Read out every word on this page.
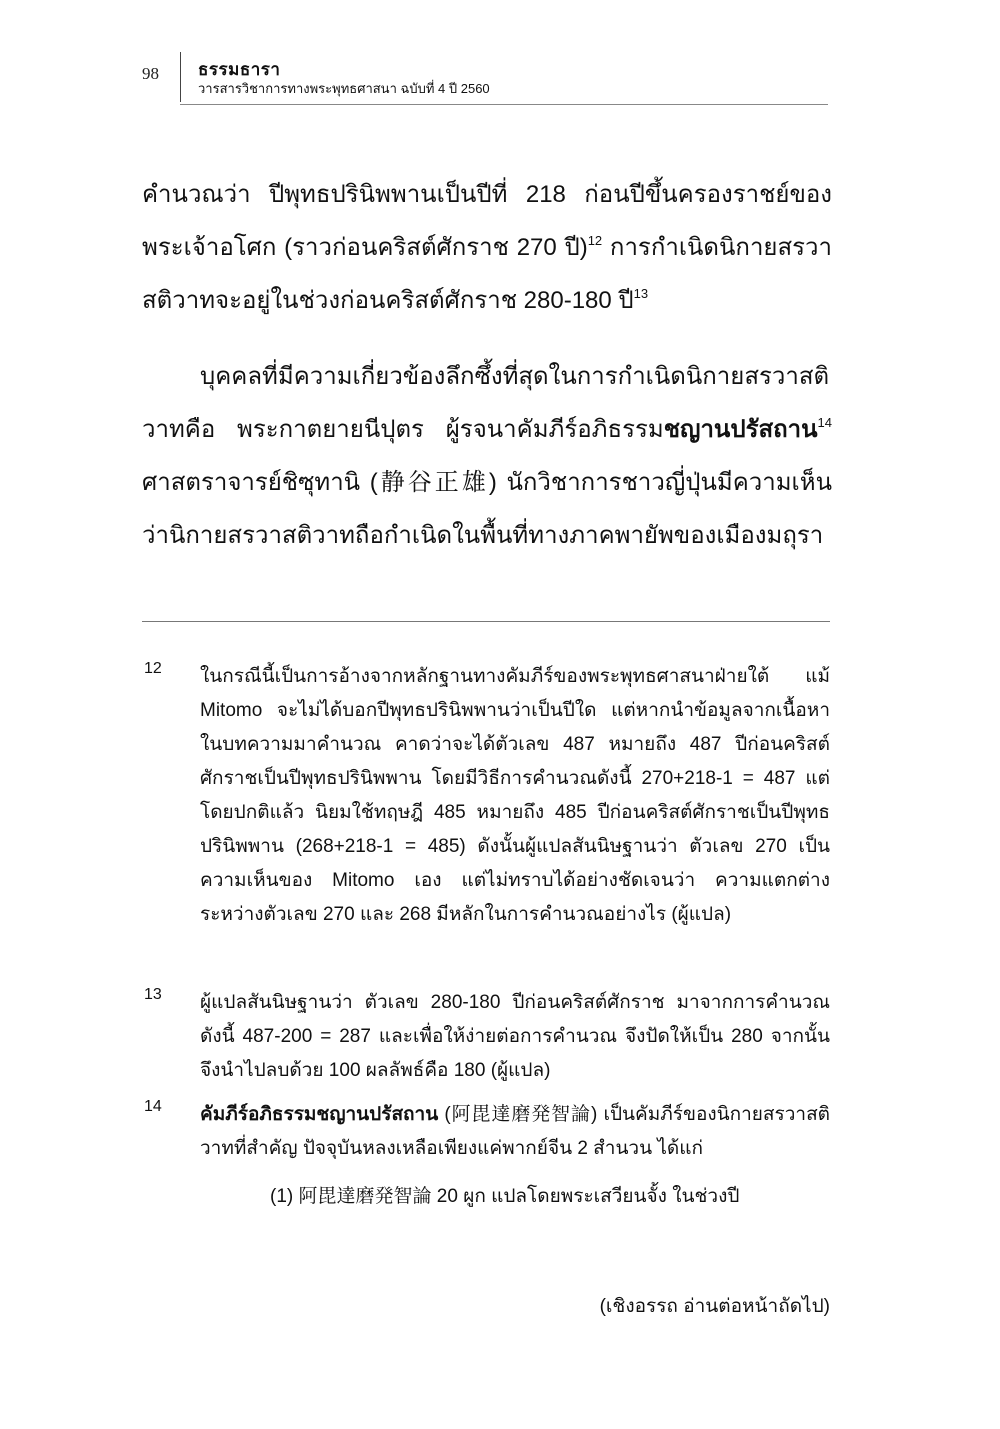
98 ธรรมธารา
วารสารวิชาการทางพระพุทธศาสนา ฉบับที่ 4 ปี 2560

คำนวณว่า ปีพุทธปรินิพพานเป็นปีที่ 218 ก่อนปีขึ้นครองราชย์ของพระเจ้าอโศก (ราวก่อนคริสต์ศักราช 270 ปี)$^{12}$ การกำเนิดนิกายสรวาสติวาทจะอยู่ในช่วงก่อนคริสต์ศักราช 280-180 ปี$^{13}$

บุคคลที่มีความเกี่ยวข้องลึกซึ้งที่สุดในการกำเนิดนิกายสรวาสติวาทคือ พระกาตยายนีปุตร ผู้รจนาคัมภีร์อภิธรรมชญานปรัสถาน$^{14}$ ศาสตราจารย์ชิซุทานิ (静谷正雄) นักวิชาการชาวญี่ปุ่นมีความเห็นว่านิกายสรวาสติวาทถือกำเนิดในพื้นที่ทางภาคพายัพของเมืองมถุรา

12 ในกรณีนี้เป็นการอ้างจากหลักฐานทางคัมภีร์ของพระพุทธศาสนาฝ่ายใต้ แม้ Mitomo จะไม่ได้บอกปีพุทธปรินิพพานว่าเป็นปีใด แต่หากนำข้อมูลจากเนื้อหาในบทความมาคำนวณ คาดว่าจะได้ตัวเลข 487 หมายถึง 487 ปีก่อนคริสต์ศักราชเป็นปีพุทธปรินิพพาน โดยมีวิธีการคำนวณดังนี้ 270+218-1 = 487 แต่โดยปกติแล้ว นิยมใช้ทฤษฎี 485 หมายถึง 485 ปีก่อนคริสต์ศักราชเป็นปีพุทธปรินิพพาน (268+218-1 = 485) ดังนั้นผู้แปลสันนิษฐานว่า ตัวเลข 270 เป็นความเห็นของ Mitomo เอง แต่ไม่ทราบได้อย่างชัดเจนว่า ความแตกต่างระหว่างตัวเลข 270 และ 268 มีหลักในการคำนวณอย่างไร (ผู้แปล)

13 ผู้แปลสันนิษฐานว่า ตัวเลข 280-180 ปีก่อนคริสต์ศักราช มาจากการคำนวณดังนี้ 487-200 = 287 และเพื่อให้ง่ายต่อการคำนวณ จึงปัดให้เป็น 280 จากนั้นจึงนำไปลบด้วย 100 ผลลัพธ์คือ 180 (ผู้แปล)

14 คัมภีร์อภิธรรมชญานปรัสถาน (阿毘達磨発智論) เป็นคัมภีร์ของนิกายสรวาสติวาทที่สำคัญ ปัจจุบันหลงเหลือเพียงแค่พากย์จีน 2 สำนวน ได้แก่

(1) 阿毘達磨発智論 20 ผูก แปลโดยพระเสวียนจั้ง ในช่วงปี

(เชิงอรรถ อ่านต่อหน้าถัดไป)
